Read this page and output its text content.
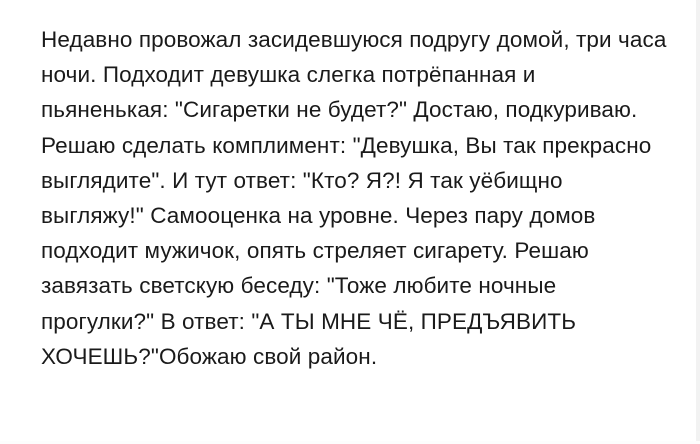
Недавно провожал засидевшуюся подругу домой, три часа ночи. Подходит девушка слегка потрёпанная и пьяненькая: "Сигаретки не будет?" Достаю, подкуриваю. Решаю сделать комплимент: "Девушка, Вы так прекрасно выглядите". И тут ответ: "Кто? Я?! Я так уёбищно выгляжу!" Самооценка на уровне. Через пару домов подходит мужичок, опять стреляет сигарету. Решаю завязать светскую беседу: "Тоже любите ночные прогулки?" В ответ: "А ТЫ МНЕ ЧЁ, ПРЕДЪЯВИТЬ ХОЧЕШЬ?"Обожаю свой район.
